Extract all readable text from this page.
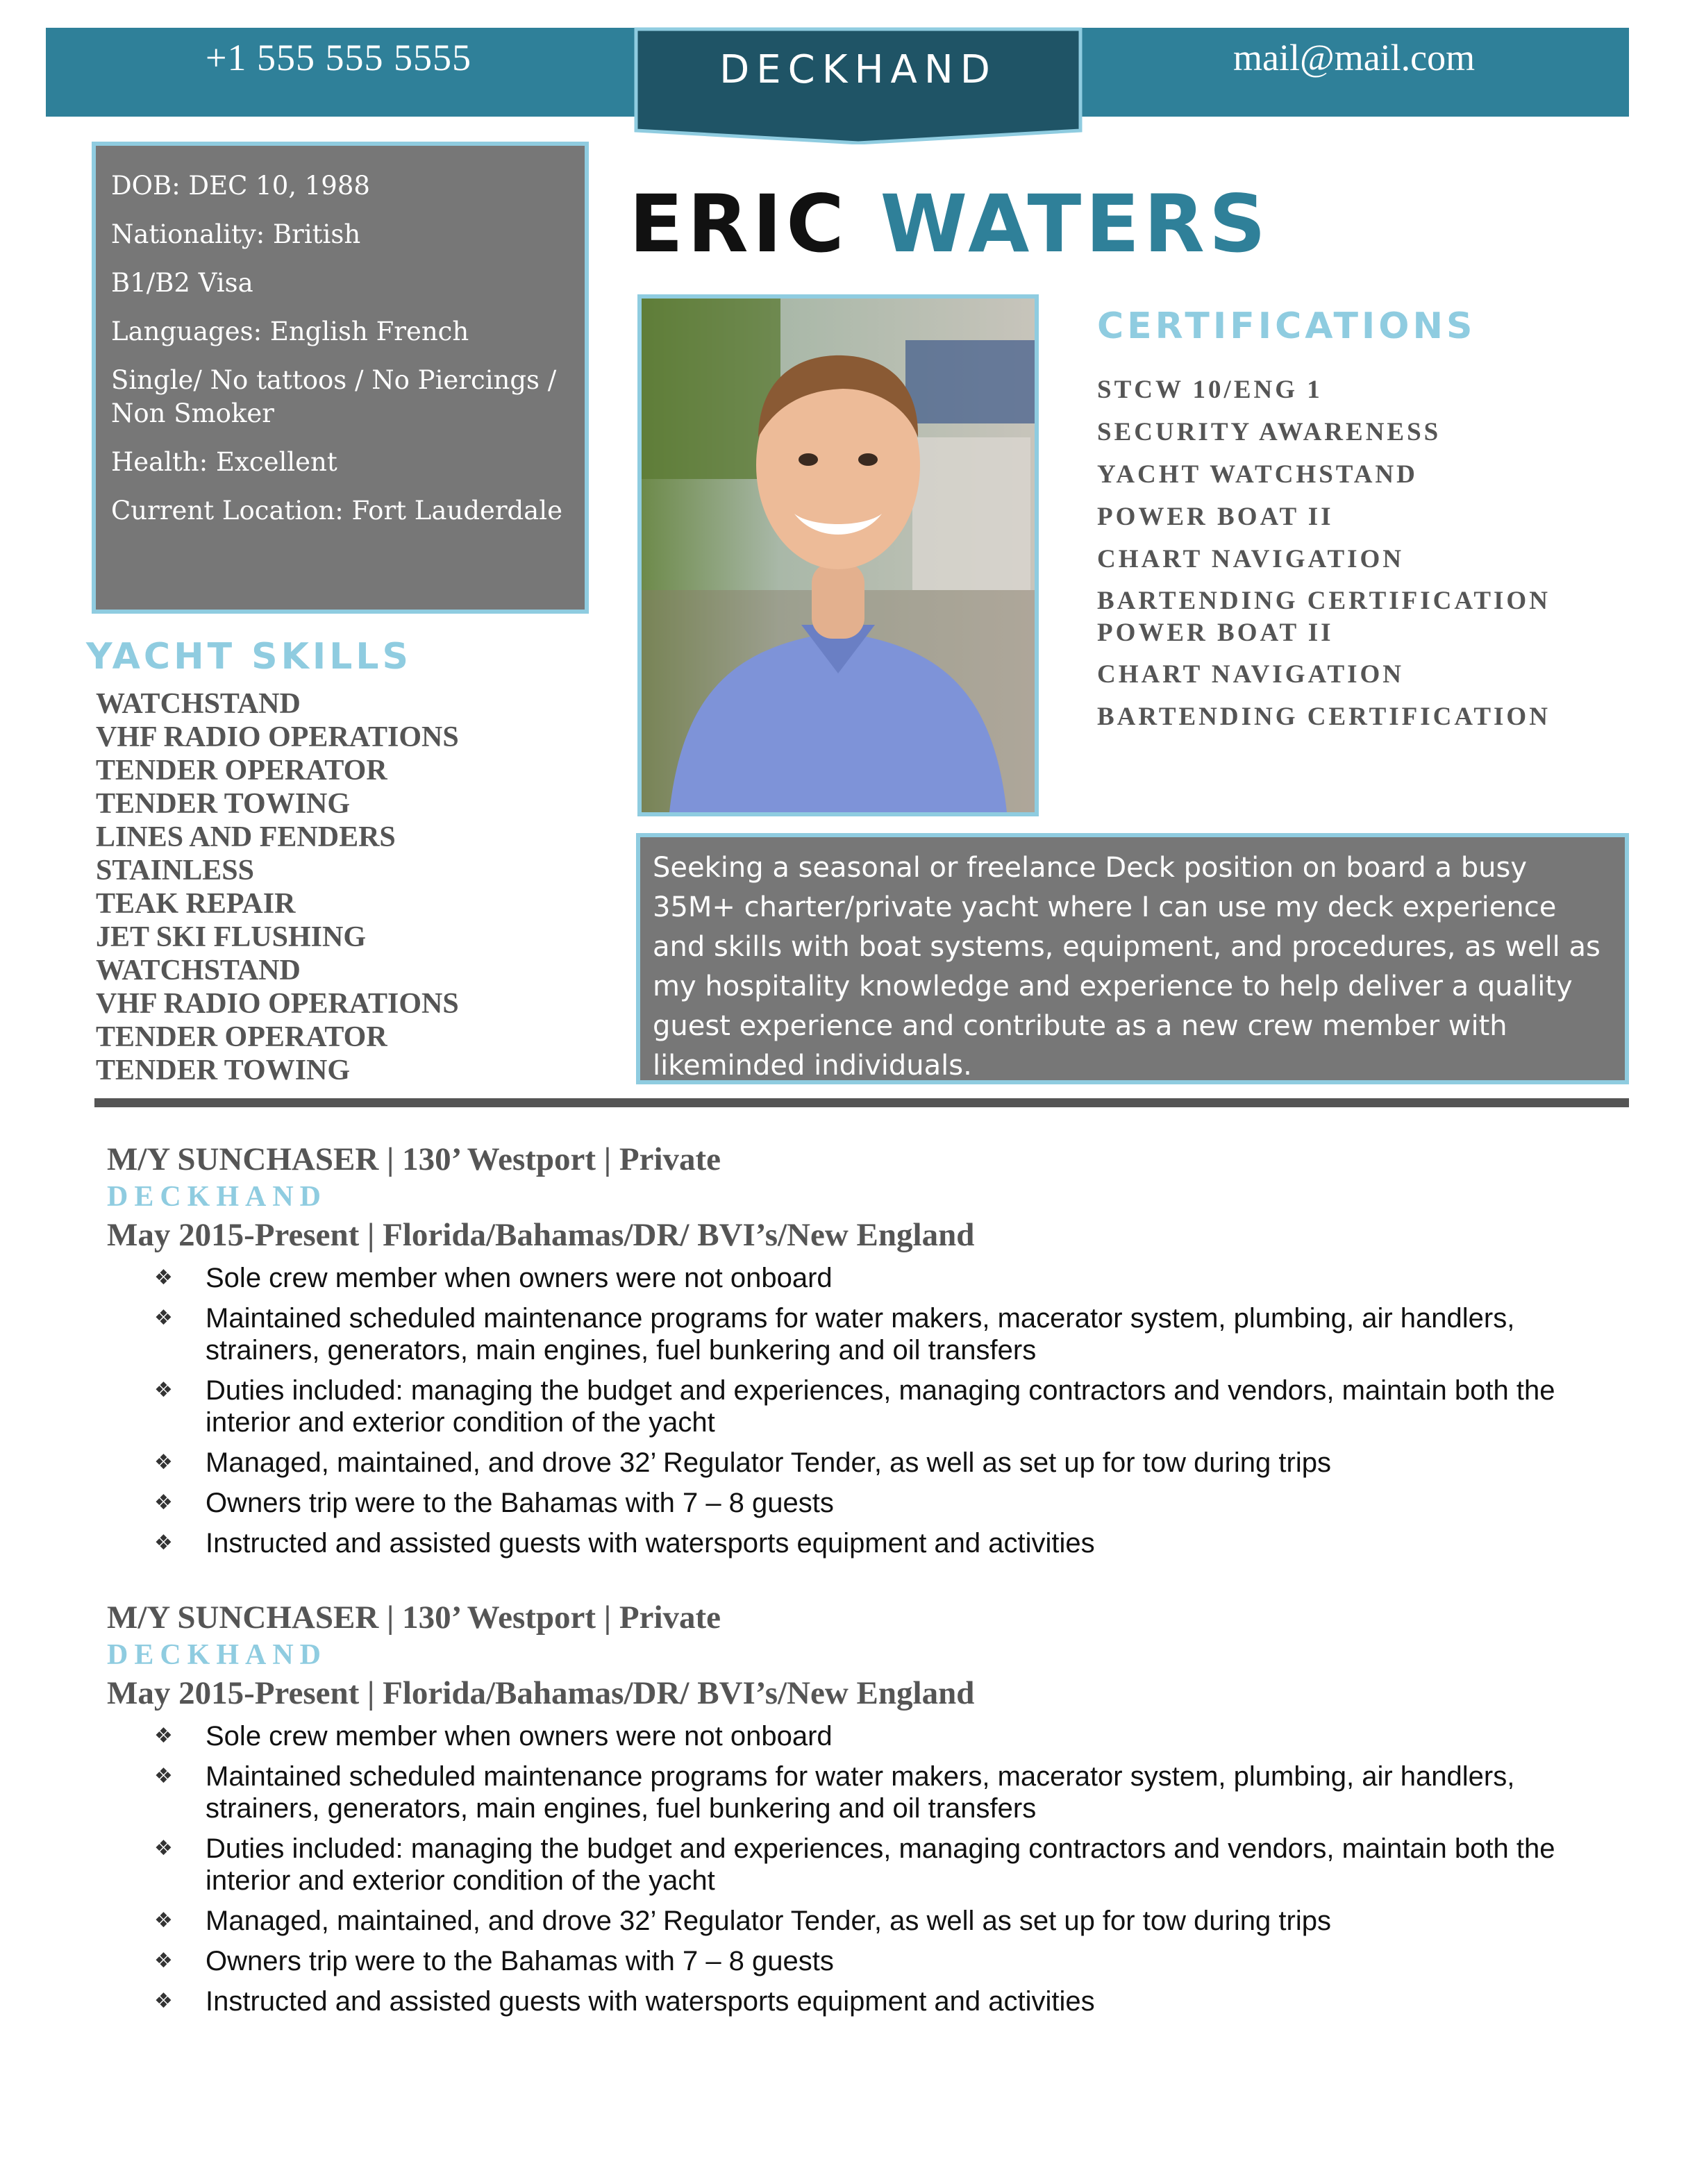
+1 555 555 5555	mail@mail.com
DECKHAND
DOB: DEC 10, 1988
Nationality: British
B1/B2 Visa
Languages: English French
Single/ No tattoos / No Piercings / Non Smoker
Health: Excellent
Current Location: Fort Lauderdale
ERIC WATERS
CERTIFICATIONS
STCW 10/ENG 1
SECURITY AWARENESS
YACHT WATCHSTAND
POWER BOAT II
CHART NAVIGATION
BARTENDING CERTIFICATION POWER BOAT II
CHART NAVIGATION
BARTENDING CERTIFICATION
YACHT SKILLS
WATCHSTAND
VHF RADIO OPERATIONS
TENDER OPERATOR
TENDER TOWING
LINES AND FENDERS
STAINLESS
TEAK REPAIR
JET SKI FLUSHING
WATCHSTAND
VHF RADIO OPERATIONS
TENDER OPERATOR
TENDER TOWING
Seeking a seasonal or freelance Deck position on board a busy 35M+ charter/private yacht where I can use my deck experience and skills with boat systems, equipment, and procedures, as well as my hospitality knowledge and experience to help deliver a quality guest experience and contribute as a new crew member with likeminded individuals.
M/Y SUNCHASER | 130’ Westport | Private
DECKHAND
May 2015-Present | Florida/Bahamas/DR/ BVI’s/New England
❖ Sole crew member when owners were not onboard
❖ Maintained scheduled maintenance programs for water makers, macerator system, plumbing, air handlers, strainers, generators, main engines, fuel bunkering and oil transfers
❖ Duties included: managing the budget and experiences, managing contractors and vendors, maintain both the interior and exterior condition of the yacht
❖ Managed, maintained, and drove 32’ Regulator Tender, as well as set up for tow during trips
❖ Owners trip were to the Bahamas with 7 – 8 guests
❖ Instructed and assisted guests with watersports equipment and activities
M/Y SUNCHASER | 130’ Westport | Private
DECKHAND
May 2015-Present | Florida/Bahamas/DR/ BVI’s/New England
❖ Sole crew member when owners were not onboard
❖ Maintained scheduled maintenance programs for water makers, macerator system, plumbing, air handlers, strainers, generators, main engines, fuel bunkering and oil transfers
❖ Duties included: managing the budget and experiences, managing contractors and vendors, maintain both the interior and exterior condition of the yacht
❖ Managed, maintained, and drove 32’ Regulator Tender, as well as set up for tow during trips
❖ Owners trip were to the Bahamas with 7 – 8 guests
❖ Instructed and assisted guests with watersports equipment and activities
